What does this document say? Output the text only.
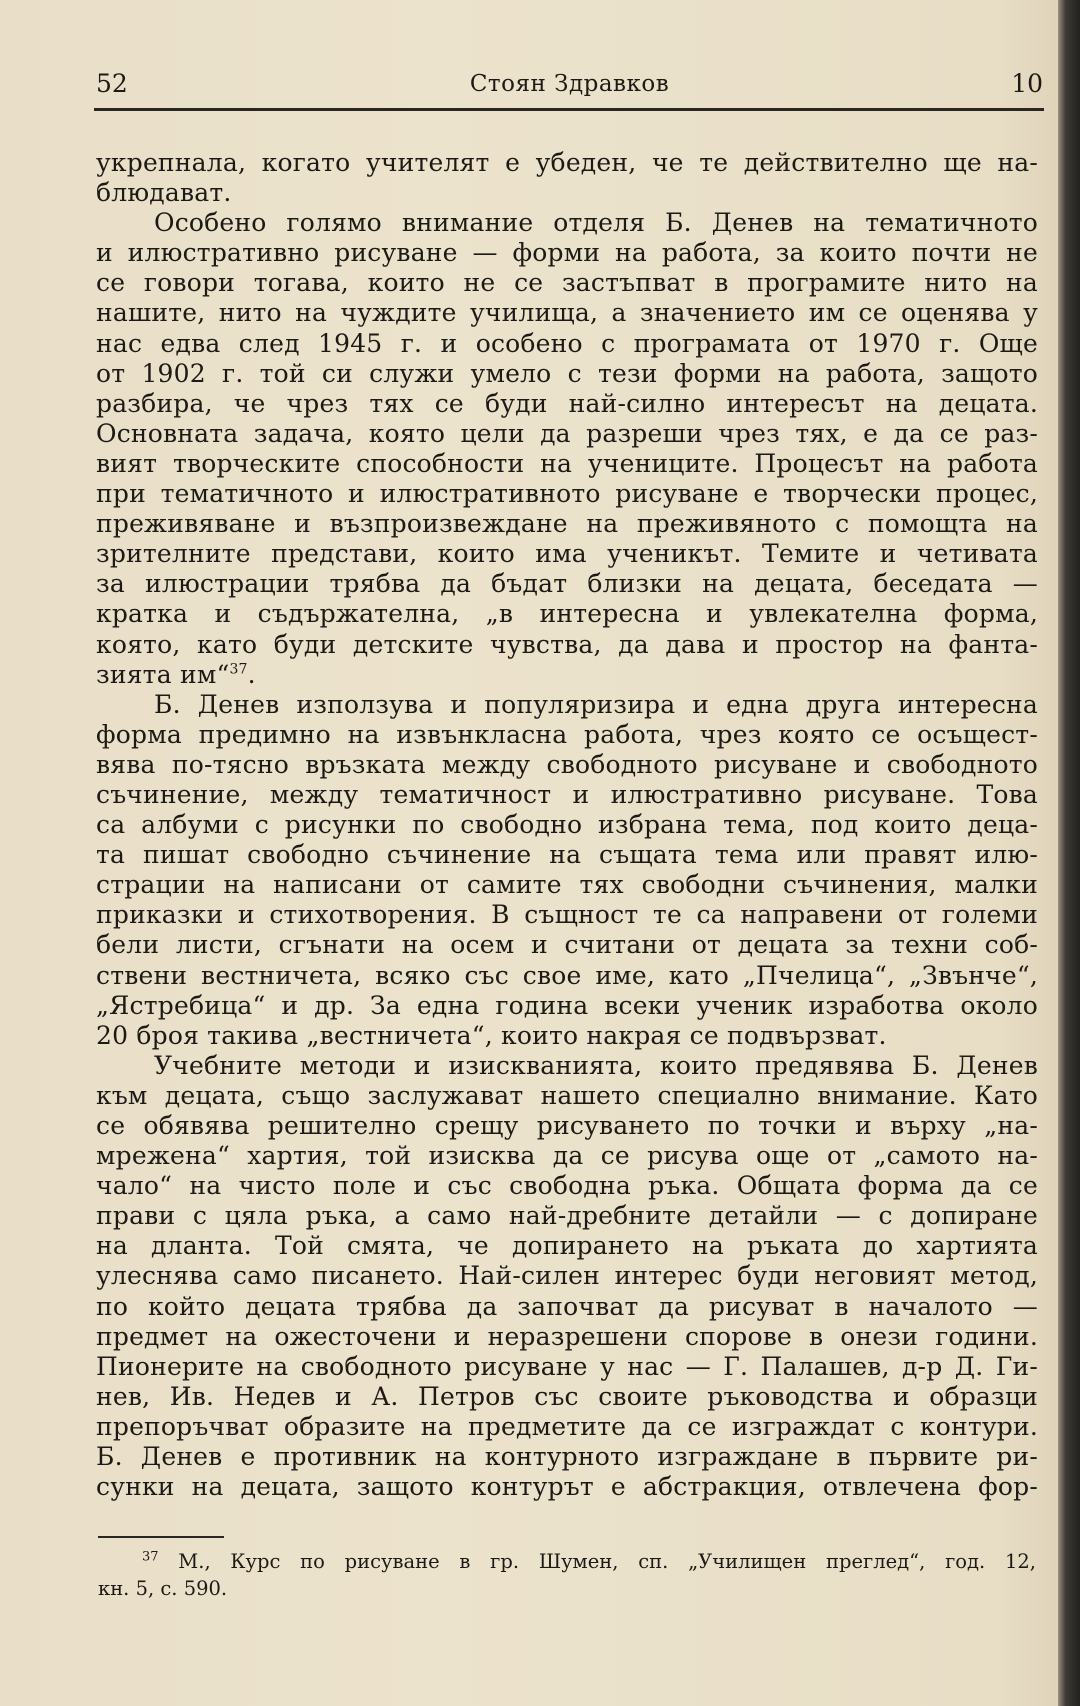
52	Стоян Здравков	10
укрепнала, когато учителят е убеден, че те действително ще на-
блюдават.
Особено голямо внимание отделя Б. Денев на тематичното
и илюстративно рисуване — форми на работа, за които почти не
се говори тогава, които не се застъпват в програмите нито на
нашите, нито на чуждите училища, а значението им се оценява у
нас едва след 1945 г. и особено с програмата от 1970 г. Още
от 1902 г. той си служи умело с тези форми на работа, защото
разбира, че чрез тях се буди най-силно интересът на децата.
Основната задача, която цели да разреши чрез тях, е да се раз-
вият творческите способности на учениците. Процесът на работа
при тематичното и илюстративното рисуване е творчески процес,
преживяване и възпроизвеждане на преживяното с помощта на
зрителните представи, които има ученикът. Темите и четивата
за илюстрации трябва да бъдат близки на децата, беседата —
кратка и съдържателна, „в интересна и увлекателна форма,
която, като буди детските чувства, да дава и простор на фанта-
зията им“$^{37}$.
Б. Денев използува и популяризира и една друга интересна
форма предимно на извънкласна работа, чрез която се осъщест-
вява по-тясно връзката между свободното рисуване и свободното
съчинение, между тематичност и илюстративно рисуване. Това
са албуми с рисунки по свободно избрана тема, под които деца-
та пишат свободно съчинение на същата тема или правят илю-
страции на написани от самите тях свободни съчинения, малки
приказки и стихотворения. В същност те са направени от големи
бели листи, сгънати на осем и считани от децата за техни соб-
ствени вестничета, всяко със свое име, като „Пчелица“, „Звънче“,
„Ястребица“ и др. За една година всеки ученик изработва около
20 броя такива „вестничета“, които накрая се подвързват.
Учебните методи и изискванията, които предявява Б. Денев
към децата, също заслужават нашето специално внимание. Като
се обявява решително срещу рисуването по точки и върху „на-
мрежена“ хартия, той изисква да се рисува още от „самото на-
чало“ на чисто поле и със свободна ръка. Общата форма да се
прави с цяла ръка, а само най-дребните детайли — с допиране
на дланта. Той смята, че допирането на ръката до хартията
улеснява само писането. Най-силен интерес буди неговият метод,
по който децата трябва да започват да рисуват в началото —
предмет на ожесточени и неразрешени спорове в онези години.
Пионерите на свободното рисуване у нас — Г. Палашев, д-р Д. Ги-
нев, Ив. Недев и А. Петров със своите ръководства и образци
препоръчват образите на предметите да се изграждат с контури.
Б. Денев е противник на контурното изграждане в първите ри-
сунки на децата, защото контурът е абстракция, отвлечена фор-
$^{37}$ М., Курс по рисуване в гр. Шумен, сп. „Училищен преглед“, год. 12,
кн. 5, с. 590.
